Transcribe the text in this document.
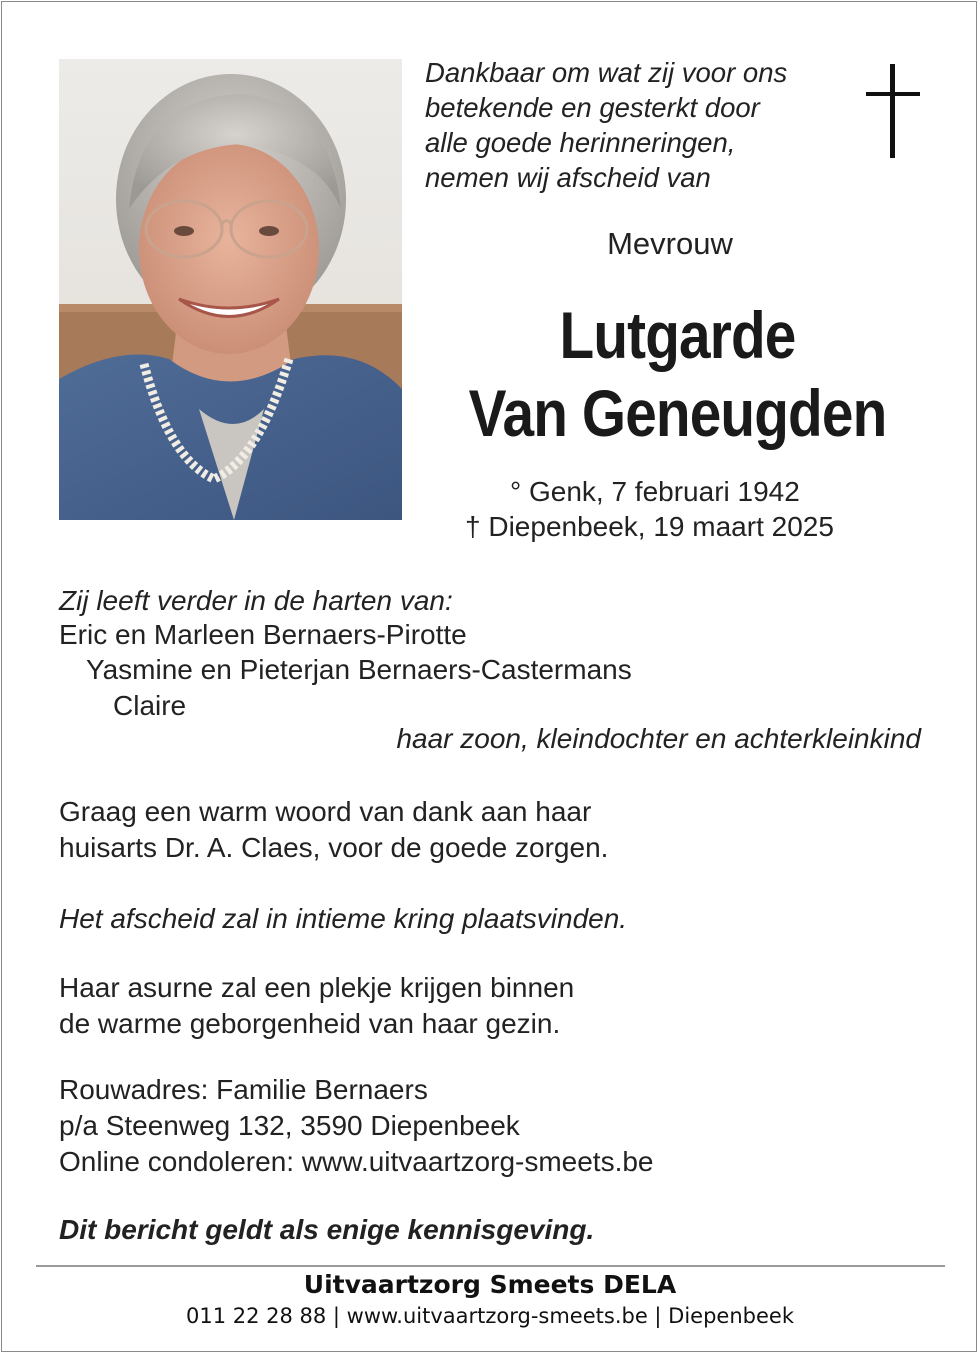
Dankbaar om wat zij voor ons
betekende en gesterkt door
alle goede herinneringen,
nemen wij afscheid van
Mevrouw
Lutgarde
Van Geneugden
° Genk, 7 februari 1942
† Diepenbeek, 19 maart 2025
Zij leeft verder in de harten van:
Eric en Marleen Bernaers-Pirotte
Yasmine en Pieterjan Bernaers-Castermans
Claire
haar zoon, kleindochter en achterkleinkind
Graag een warm woord van dank aan haar
huisarts Dr. A. Claes, voor de goede zorgen.
Het afscheid zal in intieme kring plaatsvinden.
Haar asurne zal een plekje krijgen binnen
de warme geborgenheid van haar gezin.
Rouwadres: Familie Bernaers
p/a Steenweg 132, 3590 Diepenbeek
Online condoleren: www.uitvaartzorg-smeets.be
Dit bericht geldt als enige kennisgeving.
Uitvaartzorg Smeets DELA
011 22 28 88 | www.uitvaartzorg-smeets.be | Diepenbeek
